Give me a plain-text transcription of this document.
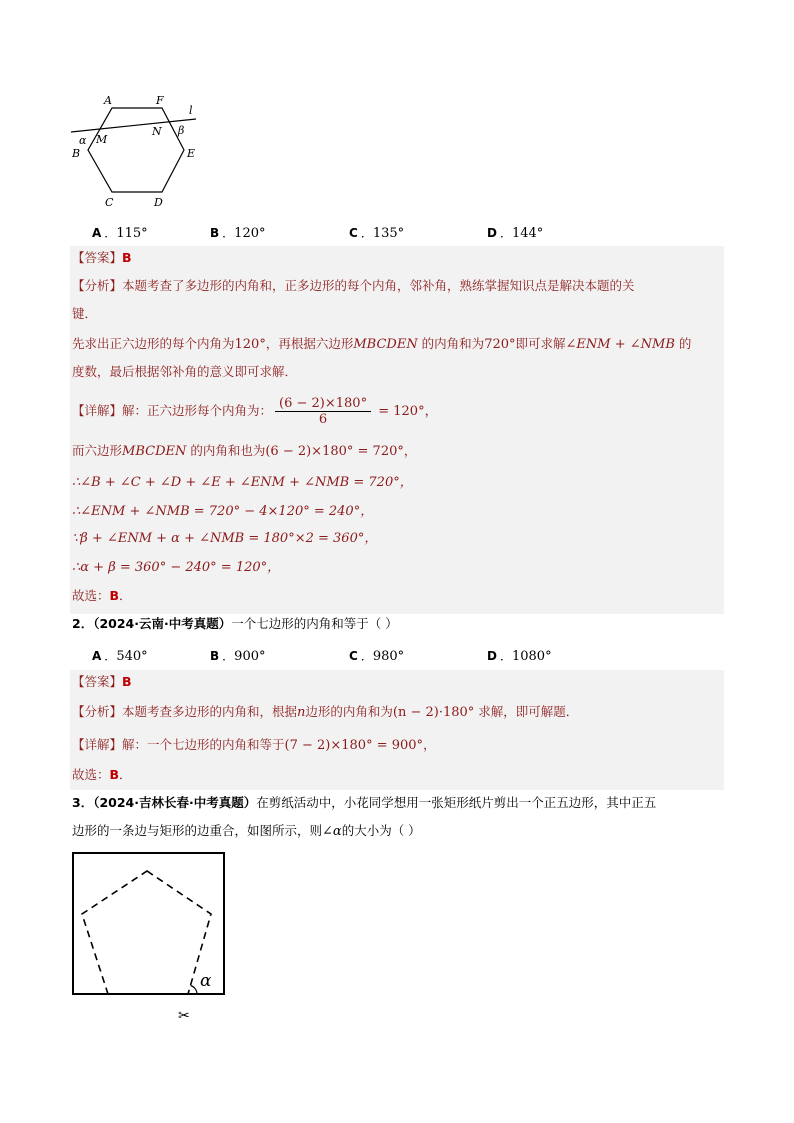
A	F
l
M
N
α
β
B	E
C	D
A ．115°	B ．120°	C ．135°	D ．144°
【答案】B
【分析】本题考查了多边形的内角和，正多边形的每个内角，邻补角，熟练掌握知识点是解决本题的关
键．
先求出正六边形的每个内角为120°，再根据六边形MBCDEN 的内角和为720°即可求解∠ENM + ∠NMB 的
度数，最后根据邻补角的意义即可求解．
【详解】解：正六边形每个内角为： $\frac{(6 - 2)\times 180^\circ}{6} = 120^\circ$，
而六边形MBCDEN 的内角和也为(6 − 2)×180° = 720°，
∴∠B + ∠C + ∠D + ∠E + ∠ENM + ∠NMB = 720°，
∴∠ENM + ∠NMB = 720° − 4×120° = 240°，
∵β + ∠ENM + α + ∠NMB = 180°×2 = 360°，
∴α + β = 360° − 240° = 120°，
故选：B．
2．（2024·云南·中考真题）一个七边形的内角和等于（ ）
A ．540°	B ．900°	C ．980°	D ．1080°
【答案】B
【分析】本题考查多边形的内角和，根据n边形的内角和为(n − 2)·180° 求解，即可解题．
【详解】解：一个七边形的内角和等于(7 − 2)×180° = 900°，
故选：B．
3．（2024·吉林长春·中考真题）在剪纸活动中，小花同学想用一张矩形纸片剪出一个正五边形，其中正五
边形的一条边与矩形的边重合，如图所示，则∠α的大小为（ ）
α
✂
